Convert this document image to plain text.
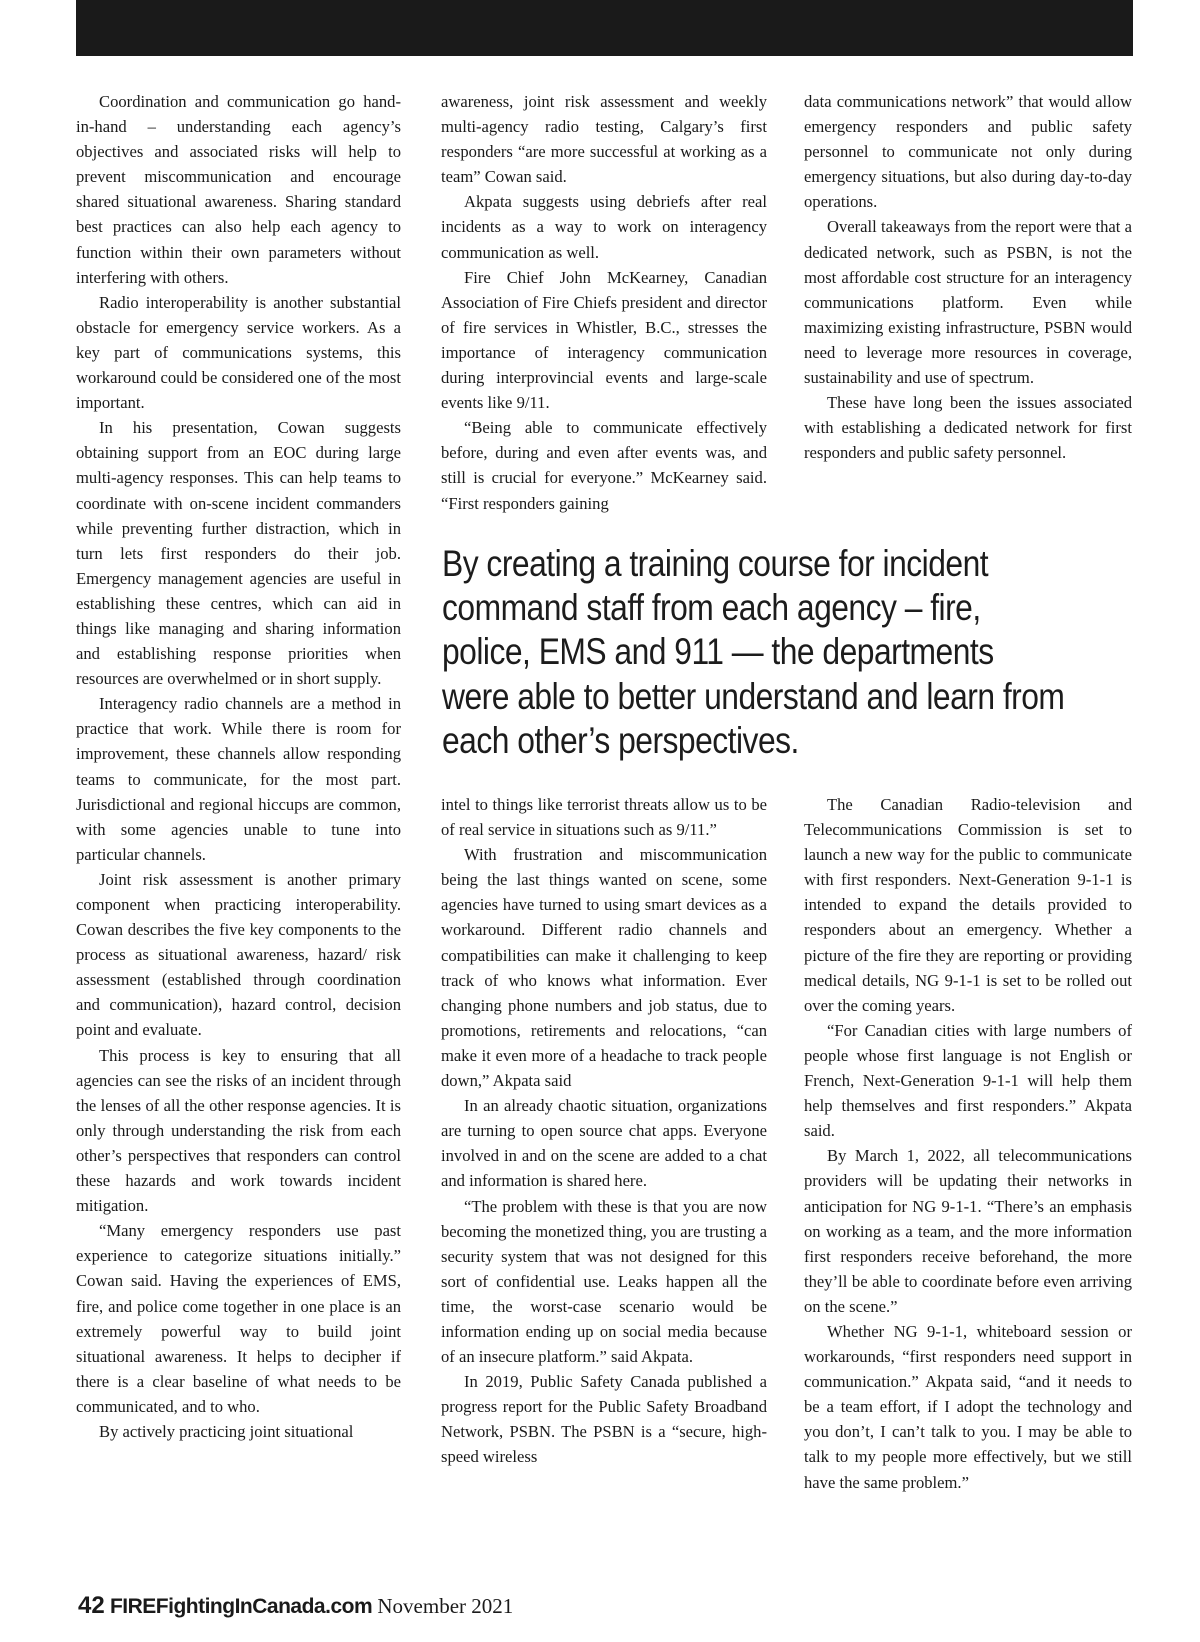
Coordination and communication go hand-in-hand – understanding each agency’s objectives and associated risks will help to prevent miscommunication and encourage shared situational awareness. Sharing standard best practices can also help each agency to function within their own parameters without interfering with others.

Radio interoperability is another substantial obstacle for emergency service workers. As a key part of communications systems, this workaround could be considered one of the most important.

In his presentation, Cowan suggests obtaining support from an EOC during large multi-agency responses. This can help teams to coordinate with on-scene incident commanders while preventing further distraction, which in turn lets first responders do their job. Emergency management agencies are useful in establishing these centres, which can aid in things like managing and sharing information and establishing response priorities when resources are overwhelmed or in short supply.

Interagency radio channels are a method in practice that work. While there is room for improvement, these channels allow responding teams to communicate, for the most part. Jurisdictional and regional hiccups are common, with some agencies unable to tune into particular channels.

Joint risk assessment is another primary component when practicing interoperability. Cowan describes the five key components to the process as situational awareness, hazard/ risk assessment (established through coordination and communication), hazard control, decision point and evaluate.

This process is key to ensuring that all agencies can see the risks of an incident through the lenses of all the other response agencies. It is only through understanding the risk from each other’s perspectives that responders can control these hazards and work towards incident mitigation.

“Many emergency responders use past experience to categorize situations initially.” Cowan said. Having the experiences of EMS, fire, and police come together in one place is an extremely powerful way to build joint situational awareness. It helps to decipher if there is a clear baseline of what needs to be communicated, and to who.

By actively practicing joint situational

awareness, joint risk assessment and weekly multi-agency radio testing, Calgary’s first responders “are more successful at working as a team” Cowan said.

Akpata suggests using debriefs after real incidents as a way to work on interagency communication as well.

Fire Chief John McKearney, Canadian Association of Fire Chiefs president and director of fire services in Whistler, B.C., stresses the importance of interagency communication during interprovincial events and large-scale events like 9/11.

“Being able to communicate effectively before, during and even after events was, and still is crucial for everyone.” McKearney said. “First responders gaining

data communications network” that would allow emergency responders and public safety personnel to communicate not only during emergency situations, but also during day-to-day operations.

Overall takeaways from the report were that a dedicated network, such as PSBN, is not the most affordable cost structure for an interagency communications platform. Even while maximizing existing infrastructure, PSBN would need to leverage more resources in coverage, sustainability and use of spectrum.

These have long been the issues associated with establishing a dedicated network for first responders and public safety personnel.

By creating a training course for incident
command staff from each agency – fire,
police, EMS and 911 — the departments
were able to better understand and learn from
each other’s perspectives.

intel to things like terrorist threats allow us to be of real service in situations such as 9/11.”

With frustration and miscommunication being the last things wanted on scene, some agencies have turned to using smart devices as a workaround. Different radio channels and compatibilities can make it challenging to keep track of who knows what information. Ever changing phone numbers and job status, due to promotions, retirements and relocations, “can make it even more of a headache to track people down,” Akpata said

In an already chaotic situation, organizations are turning to open source chat apps. Everyone involved in and on the scene are added to a chat and information is shared here.

“The problem with these is that you are now becoming the monetized thing, you are trusting a security system that was not designed for this sort of confidential use. Leaks happen all the time, the worst-case scenario would be information ending up on social media because of an insecure platform.” said Akpata.

In 2019, Public Safety Canada published a progress report for the Public Safety Broadband Network, PSBN. The PSBN is a “secure, high-speed wireless

The Canadian Radio-television and Telecommunications Commission is set to launch a new way for the public to communicate with first responders. Next-Generation 9-1-1 is intended to expand the details provided to responders about an emergency. Whether a picture of the fire they are reporting or providing medical details, NG 9-1-1 is set to be rolled out over the coming years.

“For Canadian cities with large numbers of people whose first language is not English or French, Next-Generation 9-1-1 will help them help themselves and first responders.” Akpata said.

By March 1, 2022, all telecommunications providers will be updating their networks in anticipation for NG 9-1-1. “There’s an emphasis on working as a team, and the more information first responders receive beforehand, the more they’ll be able to coordinate before even arriving on the scene.”

Whether NG 9-1-1, whiteboard session or workarounds, “first responders need support in communication.” Akpata said, “and it needs to be a team effort, if I adopt the technology and you don’t, I can’t talk to you. I may be able to talk to my people more effectively, but we still have the same problem.”

42 FIREFightingInCanada.com November 2021
